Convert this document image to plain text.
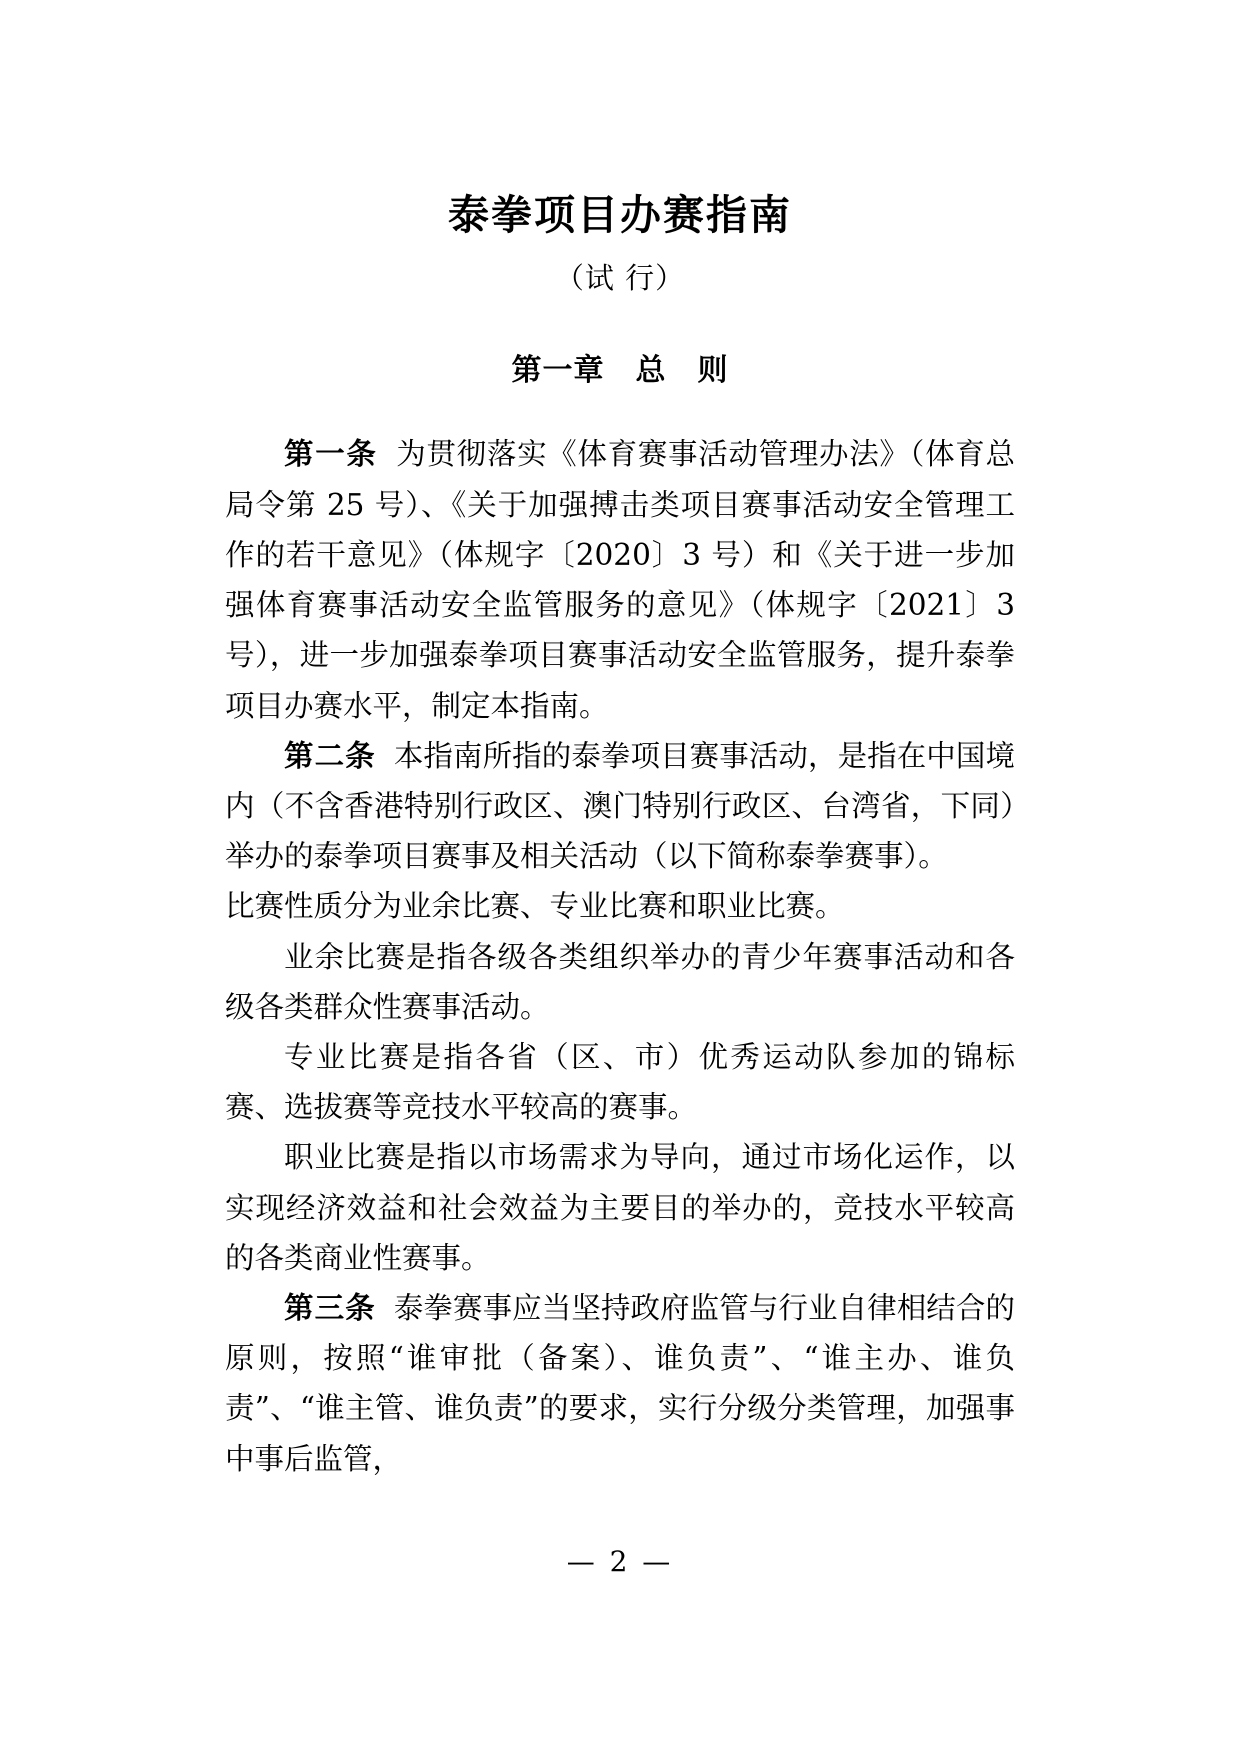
泰拳项目办赛指南
（试 行）
第一章　总　则

第一条 为贯彻落实《体育赛事活动管理办法》（体育总局令第 25 号）、《关于加强搏击类项目赛事活动安全管理工作的若干意见》（体规字〔2020〕3 号）和《关于进一步加强体育赛事活动安全监管服务的意见》（体规字〔2021〕3 号），进一步加强泰拳项目赛事活动安全监管服务，提升泰拳项目办赛水平，制定本指南。

第二条 本指南所指的泰拳项目赛事活动，是指在中国境内（不含香港特别行政区、澳门特别行政区、台湾省，下同）举办的泰拳项目赛事及相关活动（以下简称泰拳赛事）。

比赛性质分为业余比赛、专业比赛和职业比赛。

业余比赛是指各级各类组织举办的青少年赛事活动和各级各类群众性赛事活动。

专业比赛是指各省（区、市）优秀运动队参加的锦标赛、选拔赛等竞技水平较高的赛事。

职业比赛是指以市场需求为导向，通过市场化运作，以实现经济效益和社会效益为主要目的举办的，竞技水平较高的各类商业性赛事。

第三条 泰拳赛事应当坚持政府监管与行业自律相结合的原则，按照“谁审批（备案）、谁负责”、“谁主办、谁负责”、“谁主管、谁负责”的要求，实行分级分类管理，加强事中事后监管，

— 2 —
